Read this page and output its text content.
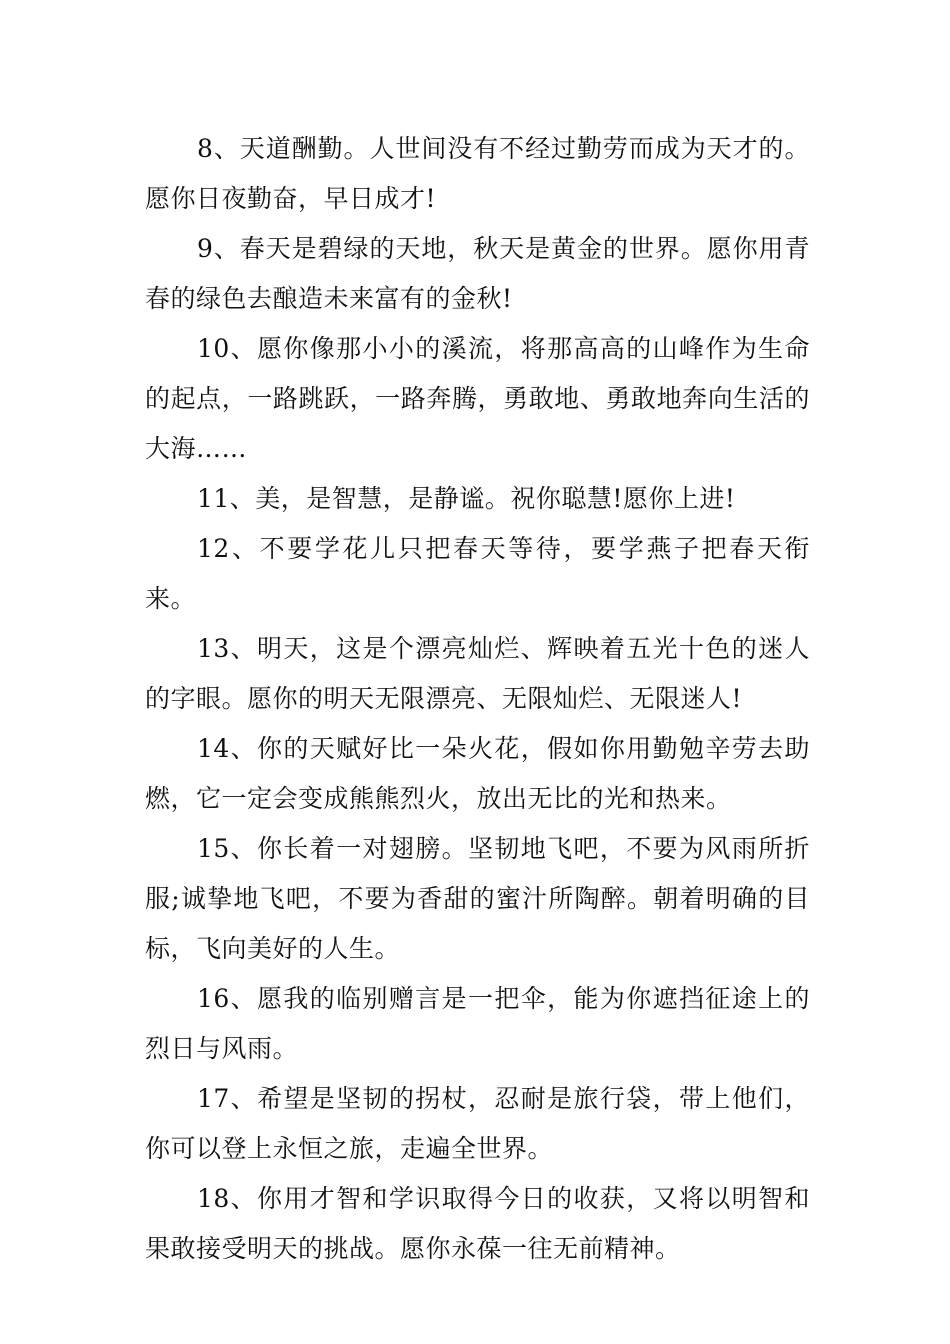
8、天道酬勤。人世间没有不经过勤劳而成为天才的。愿你日夜勤奋，早日成才!

9、春天是碧绿的天地，秋天是黄金的世界。愿你用青春的绿色去酿造未来富有的金秋!

10、愿你像那小小的溪流，将那高高的山峰作为生命的起点，一路跳跃，一路奔腾，勇敢地、勇敢地奔向生活的大海……

11、美，是智慧，是静谧。祝你聪慧!愿你上进!

12、不要学花儿只把春天等待，要学燕子把春天衔来。

13、明天，这是个漂亮灿烂、辉映着五光十色的迷人的字眼。愿你的明天无限漂亮、无限灿烂、无限迷人!

14、你的天赋好比一朵火花，假如你用勤勉辛劳去助燃，它一定会变成熊熊烈火，放出无比的光和热来。

15、你长着一对翅膀。坚韧地飞吧，不要为风雨所折服;诚挚地飞吧，不要为香甜的蜜汁所陶醉。朝着明确的目标，飞向美好的人生。

16、愿我的临别赠言是一把伞，能为你遮挡征途上的烈日与风雨。

17、希望是坚韧的拐杖，忍耐是旅行袋，带上他们，你可以登上永恒之旅，走遍全世界。

18、你用才智和学识取得今日的收获，又将以明智和果敢接受明天的挑战。愿你永葆一往无前精神。
